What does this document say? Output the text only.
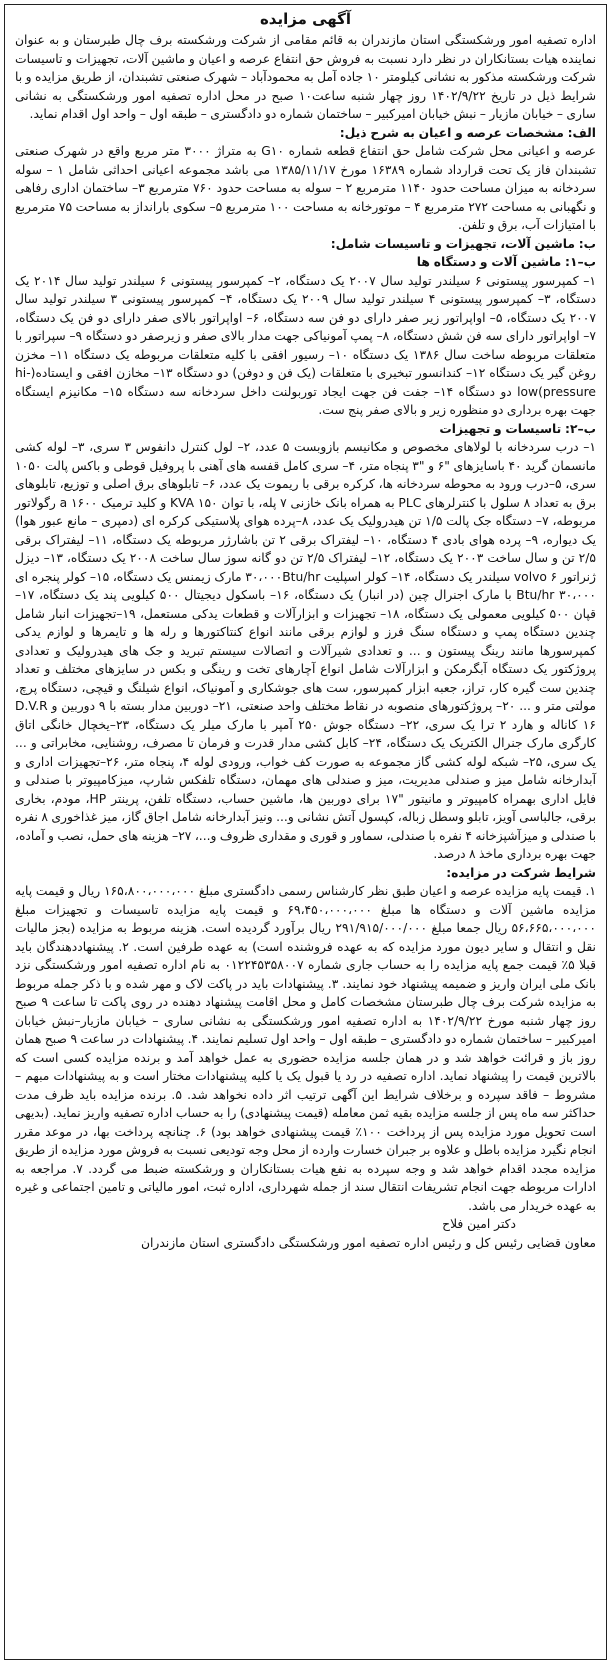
آگهی مزایده

اداره تصفیه امور ورشکستگی استان مازندران به قائم مقامی از شرکت ورشکسته برف چال طبرستان و به عنوان نماینده هیات بستانکاران در نظر دارد نسبت به فروش حق انتفاع عرصه و اعیان و ماشین آلات، تجهیزات و تاسیسات شرکت ورشکسته مذکور به نشانی کیلومتر ۱۰ جاده آمل به محمودآباد – شهرک صنعتی تشبندان، از طریق مزایده و با شرایط ذیل در تاریخ ۱۴۰۲/۹/۲۲ روز چهار شنبه ساعت۱۰ صبح در محل اداره تصفیه امور ورشکستگی به نشانی ساری – خیابان مازیار – نبش خیابان امیرکبیر – ساختمان شماره دو دادگستری – طبقه اول – واحد اول اقدام نماید.

الف: مشخصات عرصه و اعیان به شرح ذیل:

عرصه و اعیانی محل شرکت شامل حق انتفاع قطعه شماره G۱۰ به متراژ ۳۰۰۰ متر مربع واقع در شهرک صنعتی تشبندان فاز یک تحت قرارداد شماره ۱۶۳۸۹ مورخ ۱۳۸۵/۱۱/۱۷ می باشد مجموعه اعیانی احداثی شامل ۱ – سوله سردخانه به میزان مساحت حدود ۱۱۴۰ مترمربع ۲ – سوله به مساحت حدود ۷۶۰ مترمربع ۳– ساختمان اداری رفاهی و نگهبانی به مساحت ۲۷۲ مترمربع ۴ – موتورخانه به مساحت ۱۰۰ مترمربع ۵– سکوی بارانداز به مساحت ۷۵ مترمربع با امتیازات آب، برق و تلفن.

ب: ماشین آلات، تجهیزات و تاسیسات شامل:

ب–۱: ماشین آلات و دستگاه ها

۱– کمپرسور پیستونی ۶ سیلندر تولید سال ۲۰۰۷ یک دستگاه، ۲– کمپرسور پیستونی ۶ سیلندر تولید سال ۲۰۱۴ یک دستگاه، ۳– کمپرسور پیستونی ۴ سیلندر تولید سال ۲۰۰۹ یک دستگاه، ۴– کمپرسور پیستونی ۳ سیلندر تولید سال ۲۰۰۷ یک دستگاه، ۵– اواپراتور زیر صفر دارای دو فن سه دستگاه، ۶– اواپراتور بالای صفر دارای دو فن یک دستگاه، ۷– اواپراتور دارای سه فن شش دستگاه، ۸– پمپ آمونیاکی جهت مدار بالای صفر و زیرصفر دو دستگاه ۹– سپراتور با متعلقات مربوطه ساخت سال ۱۳۸۶ یک دستگاه ۱۰– رسیور افقی با کلیه متعلقات مربوطه یک دستگاه ۱۱– مخزن روغن گیر یک دستگاه ۱۲– کندانسور تبخیری با متعلقات (یک فن و دوفن) دو دستگاه ۱۳– مخازن افقی و ایستاده(hi-low(pressure دو دستگاه ۱۴– جفت فن جهت ایجاد توربولنت داخل سردخانه سه دستگاه ۱۵– مکانیزم ایستگاه جهت بهره برداری دو منظوره زیر و بالای صفر پنج ست.

ب–۲: تاسیسات و تجهیزات

۱– درب سردخانه با لولاهای مخصوص و مکانیسم بازوبست ۵ عدد، ۲– لول کنترل دانفوس ۳ سری، ۳– لوله کشی مانسمان گرید ۴۰ باسایزهای "۶ و "۳ پنجاه متر، ۴– سری کامل قفسه های آهنی با پروفیل قوطی و باکس پالت ۱۰۵۰ سری، ۵–درب ورود به محوطه سردخانه ها، کرکره برقی با ریموت یک عدد، ۶– تابلوهای برق اصلی و توزیع، تابلوهای برق به تعداد ۸ سلول با کنترلرهای PLC به همراه بانک خازنی ۷ پله، با توان KVA ۱۵۰ و کلید ترمیک a ۱۶۰۰ رگولاتور مربوطه، ۷– دستگاه جک پالت ۱/۵ تن هیدرولیک یک عدد، ۸–پرده هوای پلاستیکی کرکره ای (دمپری – مانع عبور هوا) یک دیواره، ۹– پرده هوای بادی ۴ دستگاه، ۱۰– لیفتراک برقی ۲ تن باشارژر مربوطه یک دستگاه، ۱۱– لیفتراک برقی ۲/۵ تن و سال ساخت ۲۰۰۳ یک دستگاه، ۱۲– لیفتراک ۲/۵ تن دو گانه سوز سال ساخت ۲۰۰۸ یک دستگاه، ۱۳– دیزل ژنراتور volvo ۶ سیلندر یک دستگاه، ۱۴– کولر اسپلیت ۳۰،۰۰۰Btu/hr مارک زیمنس یک دستگاه، ۱۵– کولر پنجره ای ۳۰،۰۰۰ Btu/hr با مارک اجنرال چین (در انبار) یک دستگاه، ۱۶– باسکول دیجیتال ۵۰۰ کیلویی پند یک دستگاه، ۱۷– قپان ۵۰۰ کیلویی معمولی یک دستگاه، ۱۸– تجهیزات و ابزارآلات و قطعات یدکی مستعمل، ۱۹–تجهیزات انبار شامل چندین دستگاه پمپ و دستگاه سنگ فرز و لوازم برقی مانند انواع کنتاکتورها و رله ها و تایمرها و لوازم یدکی کمپرسورها مانند رینگ پیستون و ... و تعدادی شیرآلات و اتصالات سیستم تبرید و جک های هیدرولیک و تعدادی پروژکتور یک دستگاه آبگرمکن و ابزارآلات شامل انواع آچارهای تخت و رینگی و بکس در سایزهای مختلف و تعداد چندین ست گیره کار، تراز، جعبه ابزار کمپرسور، ست های جوشکاری و آمونیاک، انواع شیلنگ و قیچی، دستگاه پرچ، مولتی متر و ... ۲۰– پروژکتورهای منصوبه در نقاط مختلف واحد صنعتی، ۲۱– دوربین مدار بسته با ۹ دوربین و D.V.R ۱۶ کاناله و هارد ۲ ترا یک سری، ۲۲– دستگاه جوش ۲۵۰ آمپر با مارک میلر یک دستگاه، ۲۳–یخچال خانگی اتاق کارگری مارک جنرال الکتریک یک دستگاه، ۲۴– کابل کشی مدار قدرت و فرمان تا مصرف، روشنایی، مخابراتی و ... یک سری، ۲۵– شبکه لوله کشی گاز مجموعه به صورت کف خواب، ورودی لوله ۴، پنجاه متر، ۲۶–تجهیزات اداری و آبدارخانه شامل میز و صندلی مدیریت، میز و صندلی های مهمان، دستگاه تلفکس شارپ، میزکامپیوتر با صندلی و فایل اداری بهمراه کامپیوتر و مانیتور "۱۷ برای دوربین ها، ماشین حساب، دستگاه تلفن، پرینتر HP، مودم، بخاری برقی، جالباسی آویز، تابلو وسطل زباله، کپسول آتش نشانی و... ونیز آبدارخانه شامل اجاق گاز، میز غذاخوری ۸ نفره با صندلی و میزآشپزخانه ۴ نفره با صندلی، سماور و قوری و مقداری ظروف و...، ۲۷– هزینه های حمل، نصب و آماده، جهت بهره برداری ماخذ ۸ درصد.

شرایط شرکت در مزایده:

۱. قیمت پایه مزایده عرصه و اعیان طبق نظر کارشناس رسمی دادگستری مبلغ ۱۶۵،۸۰۰،۰۰۰،۰۰۰ ریال و قیمت پایه مزایده ماشین آلات و دستگاه ها مبلغ ۶۹،۴۵۰،۰۰۰،۰۰۰ و قیمت پایه مزایده تاسیسات و تجهیزات مبلغ ۵۶،۶۶۵،۰۰۰،۰۰۰ ریال جمعا مبلغ ۲۹۱/۹۱۵/۰۰۰/۰۰۰ ریال برآورد گردیده است. هزینه مربوط به مزایده (بجز مالیات نقل و انتقال و سایر دیون مورد مزایده که به عهده فروشنده است) به عهده طرفین است. ۲. پیشنهاددهندگان باید قبلا ۵٪ قیمت جمع پایه مزایده را به حساب جاری شماره ۰۱۲۲۴۵۳۵۸۰۰۷ به نام اداره تصفیه امور ورشکستگی نزد بانک ملی ایران واریز و ضمیمه پیشنهاد خود نمایند. ۳. پیشنهادات باید در پاکت لاک و مهر شده و با ذکر جمله مربوط به مزایده شرکت برف چال طبرستان مشخصات کامل و محل اقامت پیشنهاد دهنده در روی پاکت تا ساعت ۹ صبح روز چهار شنبه مورخ ۱۴۰۲/۹/۲۲ به اداره تصفیه امور ورشکستگی به نشانی ساری – خیابان مازیار–نبش خیابان امیرکبیر – ساختمان شماره دو دادگستری – طبقه اول – واحد اول تسلیم نمایند. ۴. پیشنهادات در ساعت ۹ صبح همان روز باز و قرائت خواهد شد و در همان جلسه مزایده حضوری به عمل خواهد آمد و برنده مزایده کسی است که بالاترین قیمت را پیشنهاد نماید. اداره تصفیه در رد یا قبول یک یا کلیه پیشنهادات مختار است و به پیشنهادات مبهم – مشروط – فاقد سپرده و برخلاف شرایط این آگهی ترتیب اثر داده نخواهد شد. ۵. برنده مزایده باید ظرف مدت حداکثر سه ماه پس از جلسه مزایده بقیه ثمن معامله (قیمت پیشنهادی) را به حساب اداره تصفیه واریز نماید. (بدیهی است تحویل مورد مزایده پس از پرداخت ۱۰۰٪ قیمت پیشنهادی خواهد بود) ۶. چنانچه پرداخت بها، در موعد مقرر انجام نگیرد مزایده باطل و علاوه بر جبران خسارت وارده از محل وجه تودیعی نسبت به فروش مورد مزایده از طریق مزایده مجدد اقدام خواهد شد و وجه سپرده به نفع هیات بستانکاران و ورشکسته ضبط می گردد. ۷. مراجعه به ادارات مربوطه جهت انجام تشریفات انتقال سند از جمله شهرداری، اداره ثبت، امور مالیاتی و تامین اجتماعی و غیره به عهده خریدار می باشد.

دکتر امین فلاح

معاون قضایی رئیس کل و رئیس اداره تصفیه امور ورشکستگی دادگستری استان مازندران
